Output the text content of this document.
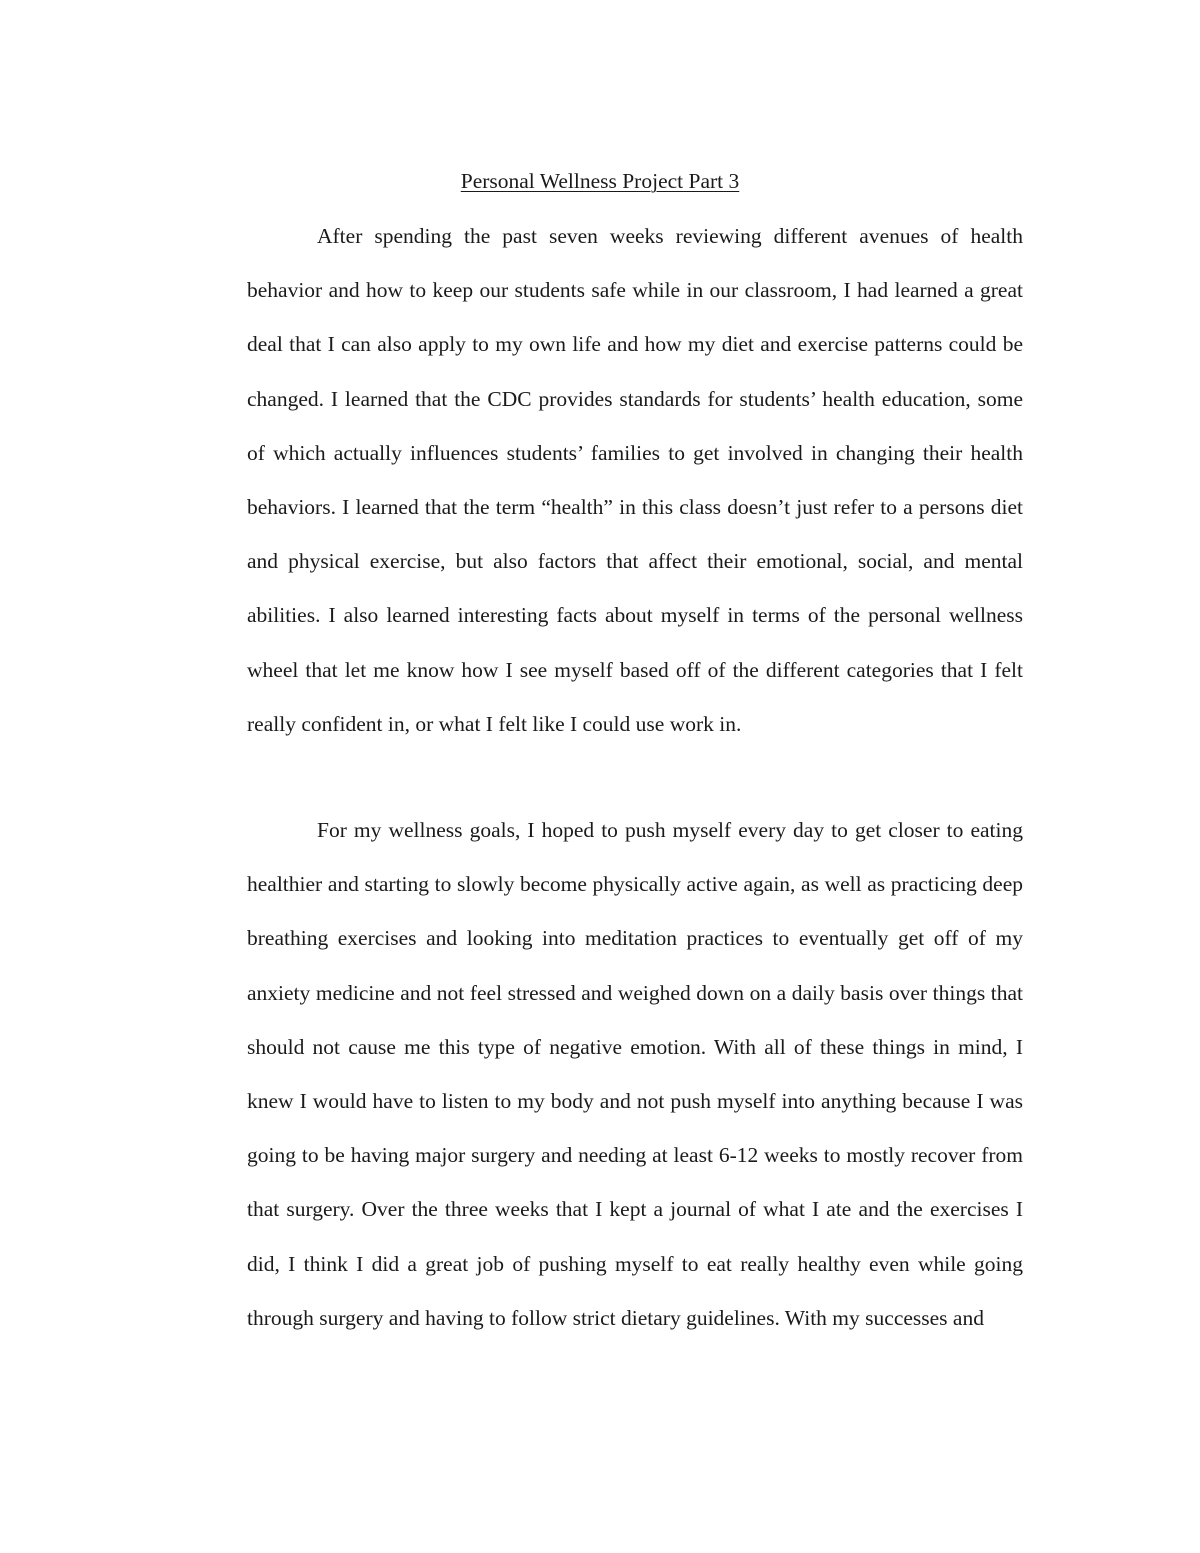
Personal Wellness Project Part 3

After spending the past seven weeks reviewing different avenues of health behavior and how to keep our students safe while in our classroom, I had learned a great deal that I can also apply to my own life and how my diet and exercise patterns could be changed. I learned that the CDC provides standards for students’ health education, some of which actually influences students’ families to get involved in changing their health behaviors. I learned that the term “health” in this class doesn’t just refer to a persons diet and physical exercise, but also factors that affect their emotional, social, and mental abilities. I also learned interesting facts about myself in terms of the personal wellness wheel that let me know how I see myself based off of the different categories that I felt really confident in, or what I felt like I could use work in.

For my wellness goals, I hoped to push myself every day to get closer to eating healthier and starting to slowly become physically active again, as well as practicing deep breathing exercises and looking into meditation practices to eventually get off of my anxiety medicine and not feel stressed and weighed down on a daily basis over things that should not cause me this type of negative emotion. With all of these things in mind, I knew I would have to listen to my body and not push myself into anything because I was going to be having major surgery and needing at least 6-12 weeks to mostly recover from that surgery. Over the three weeks that I kept a journal of what I ate and the exercises I did, I think I did a great job of pushing myself to eat really healthy even while going through surgery and having to follow strict dietary guidelines. With my successes and
